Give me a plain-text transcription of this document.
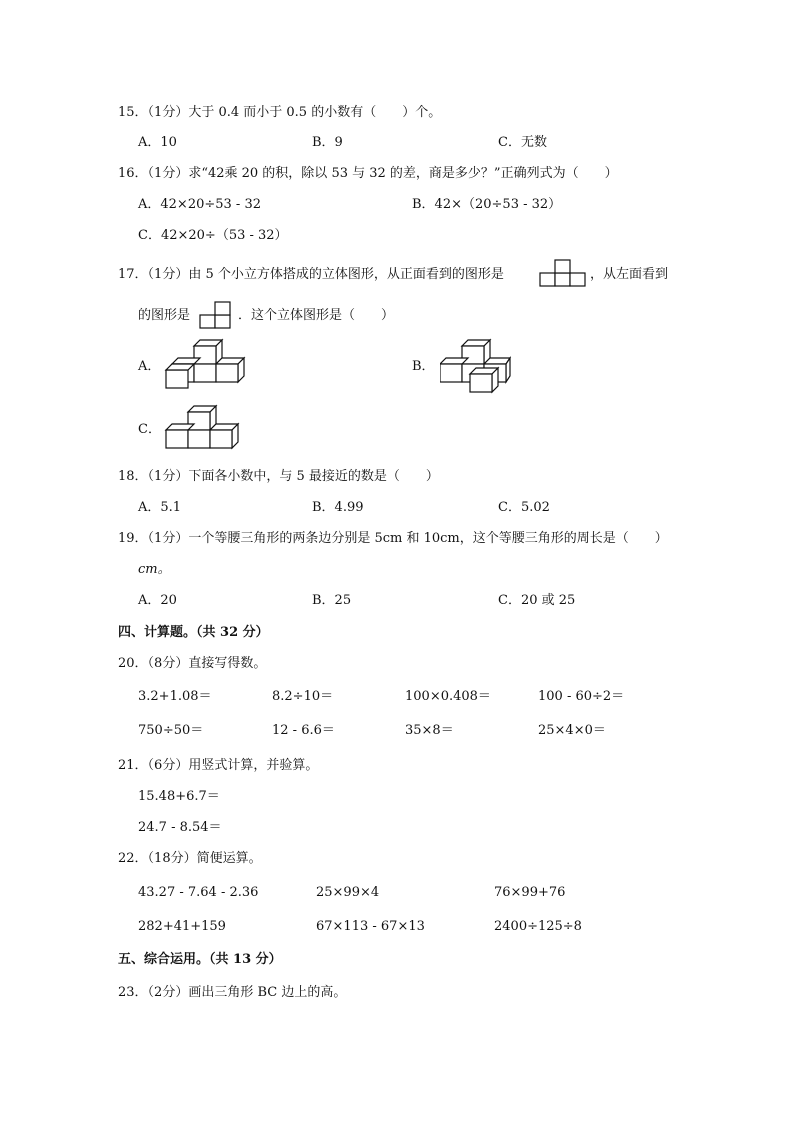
15．（1分）大于 0.4 而小于 0.5 的小数有（　　）个。
A．10	B．9	C．无数
16．（1分）求“42乘 20 的积，除以 53 与 32 的差，商是多少？”正确列式为（　　）
A．42×20÷53 - 32	B．42×（20÷53 - 32）
C．42×20÷（53 - 32）
17．（1分）由 5 个小立方体搭成的立体图形，从正面看到的图形是	，从左面看到
的图形是	．这个立体图形是（　　）
A．	B．
C．
18．（1分）下面各小数中，与 5 最接近的数是（　　）
A．5.1	B．4.99	C．5.02
19．（1分）一个等腰三角形的两条边分别是 5cm 和 10cm，这个等腰三角形的周长是（　　）
cm。
A．20	B．25	C．20 或 25
四、计算题。（共 32 分）
20．（8分）直接写得数。
3.2+1.08＝	8.2÷10＝	100×0.408＝	100 - 60÷2＝
750÷50＝	12 - 6.6＝	35×8＝	25×4×0＝
21．（6分）用竖式计算，并验算。
15.48+6.7＝
24.7 - 8.54＝
22．（18分）简便运算。
43.27 - 7.64 - 2.36	25×99×4	76×99+76
282+41+159	67×113 - 67×13	2400÷125÷8
五、综合运用。（共 13 分）
23．（2分）画出三角形 BC 边上的高。
